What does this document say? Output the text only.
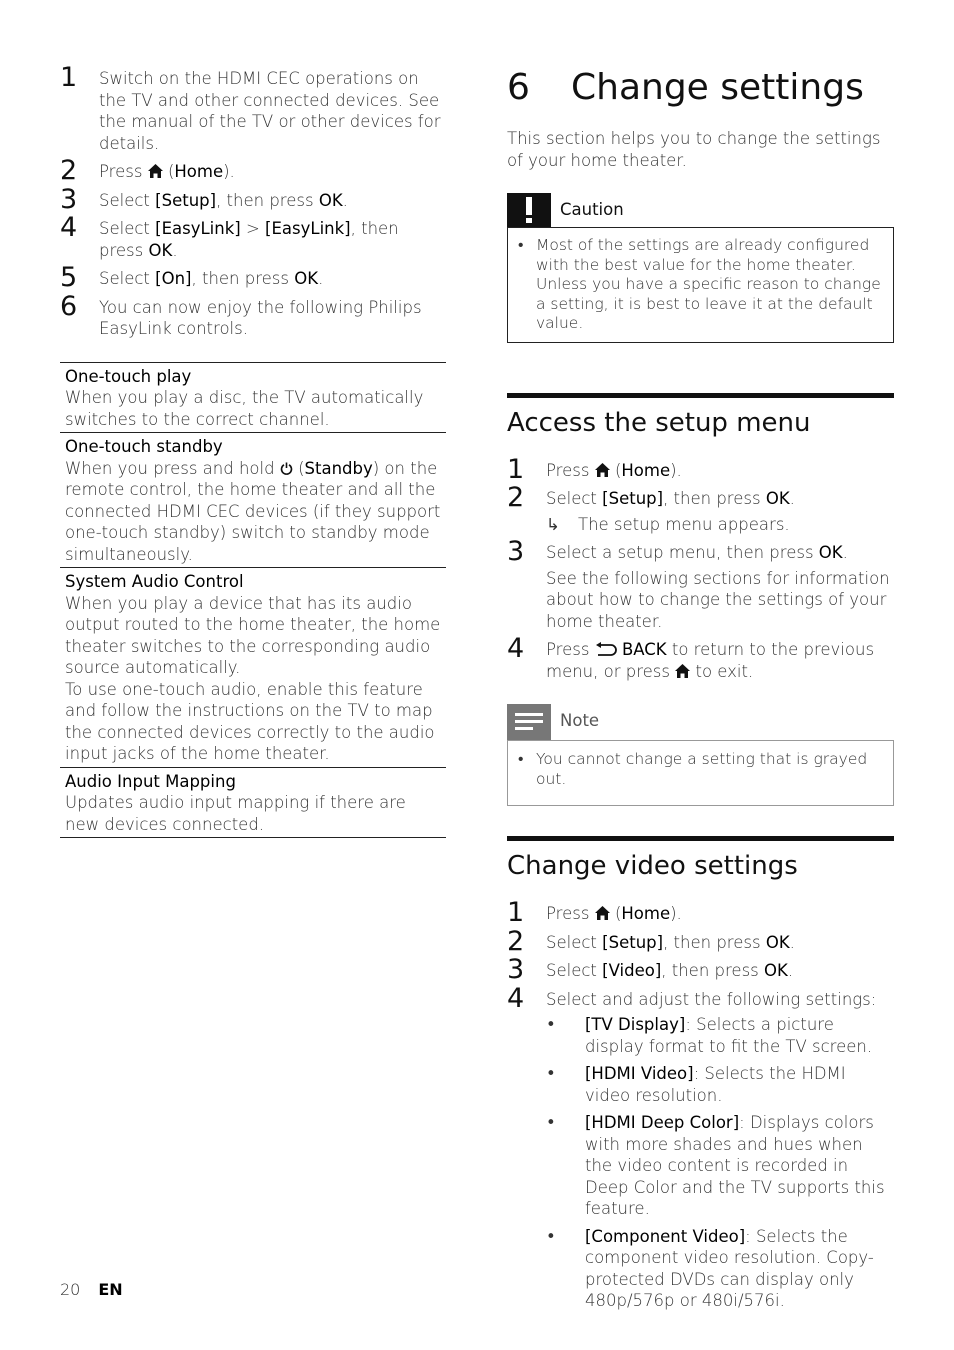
1 Switch on the HDMI CEC operations on the TV and other connected devices. See the manual of the TV or other devices for details.
2 Press (Home).
3 Select [Setup], then press OK.
4 Select [EasyLink] > [EasyLink], then press OK.
5 Select [On], then press OK.
6 You can now enjoy the following Philips EasyLink controls.
One-touch play
When you play a disc, the TV automatically switches to the correct channel.

One-touch standby
When you press and hold (Standby) on the remote control, the home theater and all the connected HDMI CEC devices (if they support one-touch standby) switch to standby mode simultaneously.

System Audio Control
When you play a device that has its audio output routed to the home theater, the home theater switches to the corresponding audio source automatically.
To use one-touch audio, enable this feature and follow the instructions on the TV to map the connected devices correctly to the audio input jacks of the home theater.

Audio Input Mapping
Updates audio input mapping if there are new devices connected.
6 Change settings
This section helps you to change the settings of your home theater.
Caution
• Most of the settings are already configured with the best value for the home theater. Unless you have a specific reason to change a setting, it is best to leave it at the default value.
Access the setup menu
1 Press (Home).
2 Select [Setup], then press OK.
↳ The setup menu appears.
3 Select a setup menu, then press OK.
See the following sections for information about how to change the settings of your home theater.
4 Press BACK to return to the previous menu, or press to exit.
Note
• You cannot change a setting that is grayed out.
Change video settings
1 Press (Home).
2 Select [Setup], then press OK.
3 Select [Video], then press OK.
4 Select and adjust the following settings:
• [TV Display]: Selects a picture display format to fit the TV screen.
• [HDMI Video]: Selects the HDMI video resolution.
• [HDMI Deep Color]: Displays colors with more shades and hues when the video content is recorded in Deep Color and the TV supports this feature.
• [Component Video]: Selects the component video resolution. Copy-protected DVDs can display only 480p/576p or 480i/576i.
20 EN
